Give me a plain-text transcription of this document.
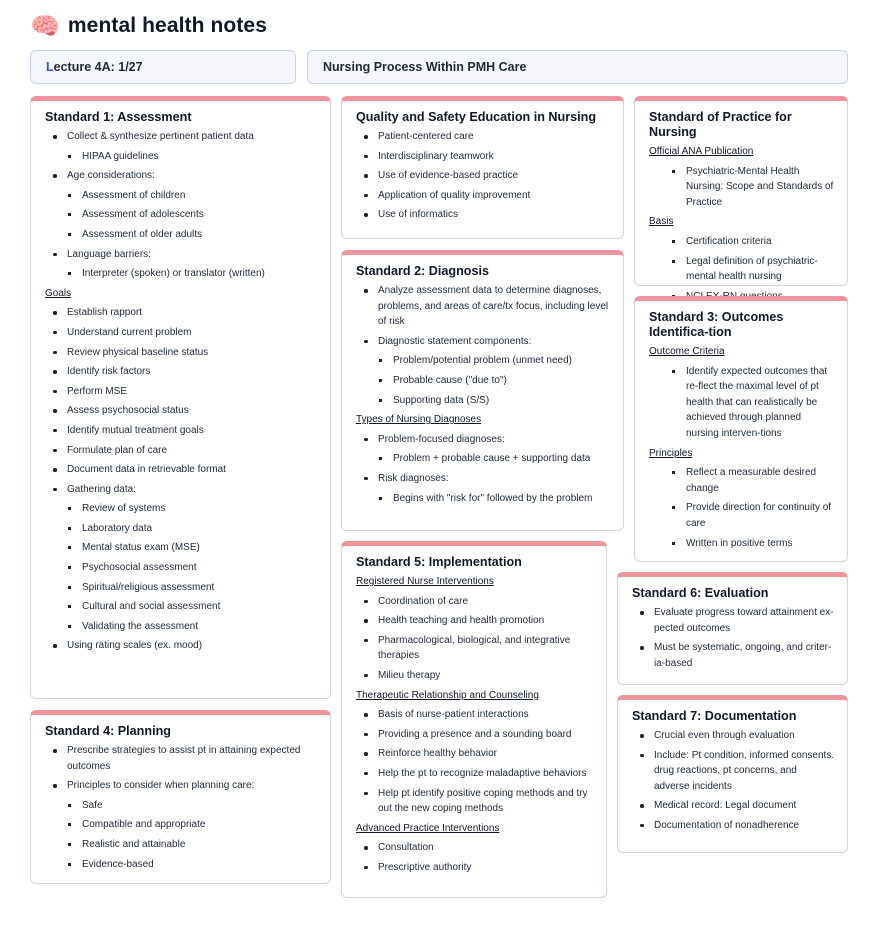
🧠 mental health notes
L ecture 4A: 1/27	Nursing Process Within PMH Care
Standard 1: Assessment
Collect & synthesize pertinent patient data
HIPAA guidelines
Age considerations:
Assessment of children
Assessment of adolescents
Assessment of older adults
Language barriers:
Interpreter (spoken) or translator (written)
Goals
Establish rapport
Understand current problem
Review physical baseline status
Identify risk factors
Perform MSE
Assess psychosocial status
Identify mutual treatment goals
Formulate plan of care
Document data in retrievable format
Gathering data:
Review of systems
Laboratory data
Mental status exam (MSE)
Psychosocial assessment
Spiritual/religious assessment
Cultural and social assessment
Validating the assessment
Using rating scales (ex. mood)
Standard 4: Planning
Prescribe strategies to assist pt in attaining expected outcomes
Principles to consider when planning care:
Safe
Compatible and appropriate
Realistic and attainable
Evidence-based
Quality and Safety Education in Nursing
Patient-centered care
Interdisciplinary teamwork
Use of evidence-based practice
Application of quality improvement
Use of informatics
Standard 2: Diagnosis
Analyze assessment data to determine diagnoses, problems, and areas of care/tx focus, including level of risk
Diagnostic statement components:
Problem/potential problem (unmet need)
Probable cause ("due to")
Supporting data (S/S)
Types of Nursing Diagnoses
Problem-focused diagnoses:
Problem + probable cause + supporting data
Risk diagnoses:
Begins with "risk for" followed by the problem
Standard 5: Implementation
Registered Nurse Interventions
Coordination of care
Health teaching and health promotion
Pharmacological, biological, and integrative therapies
Milieu therapy
Therapeutic Relationship and Counseling
Basis of nurse-patient interactions
Providing a presence and a sounding board
Reinforce healthy behavior
Help the pt to recognize maladaptive behaviors
Help pt identify positive coping methods and try out the new coping methods
Advanced Practice Interventions
Consultation
Prescriptive authority
Standard of Practice for Nursing
Official ANA Publication
Psychiatric-Mental Health Nursing: Scope and Standards of Practice
Basis
Certification criteria
Legal definition of psychiatric-mental health nursing
Standard 3: Outcomes Identifica-tion
Outcome Criteria
Identify expected outcomes that re-flect the maximal level of pt health that can realistically be achieved through planned nursing interven-tions
Principles
Reflect a measurable desired change
Provide direction for continuity of care
Written in positive terms
Standard 6: Evaluation
Evaluate progress toward attainment ex-pected outcomes
Must be systematic, ongoing, and criter-ia-based
Standard 7: Documentation
Crucial even through evaluation
Include: Pt condition, informed consents. drug reactions, pt concerns, and adverse incidents
Medical record: Legal document
Documentation of nonadherence
